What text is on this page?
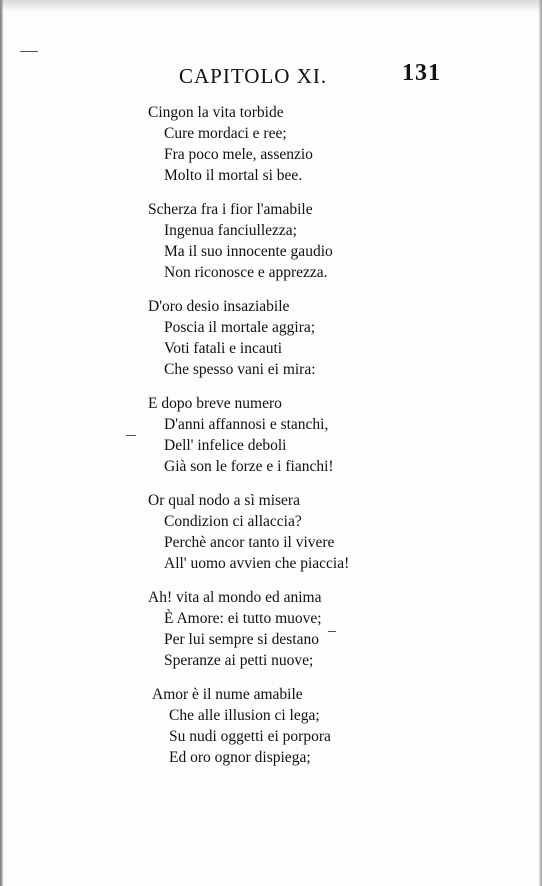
CAPITOLO XI.	131
Cingon la vita torbide
Cure mordaci e ree;
Fra poco mele, assenzio
Molto il mortal si bee.
Scherza fra i fior l'amabile
Ingenua fanciullezza;
Ma il suo innocente gaudio
Non riconosce e apprezza.
D'oro desio insaziabile
Poscia il mortale aggira;
Voti fatali e incauti
Che spesso vani ei mira:
E dopo breve numero
D'anni affannosi e stanchi,
Dell' infelice deboli
Già son le forze e i fianchi!
Or qual nodo a sì misera
Condizion ci allaccia?
Perchè ancor tanto il vivere
All' uomo avvien che piaccia!
Ah! vita al mondo ed anima
È Amore: ei tutto muove;
Per lui sempre si destano
Speranze ai petti nuove;
Amor è il nume amabile
Che alle illusion ci lega;
Su nudi oggetti ei porpora
Ed oro ognor dispiega;
